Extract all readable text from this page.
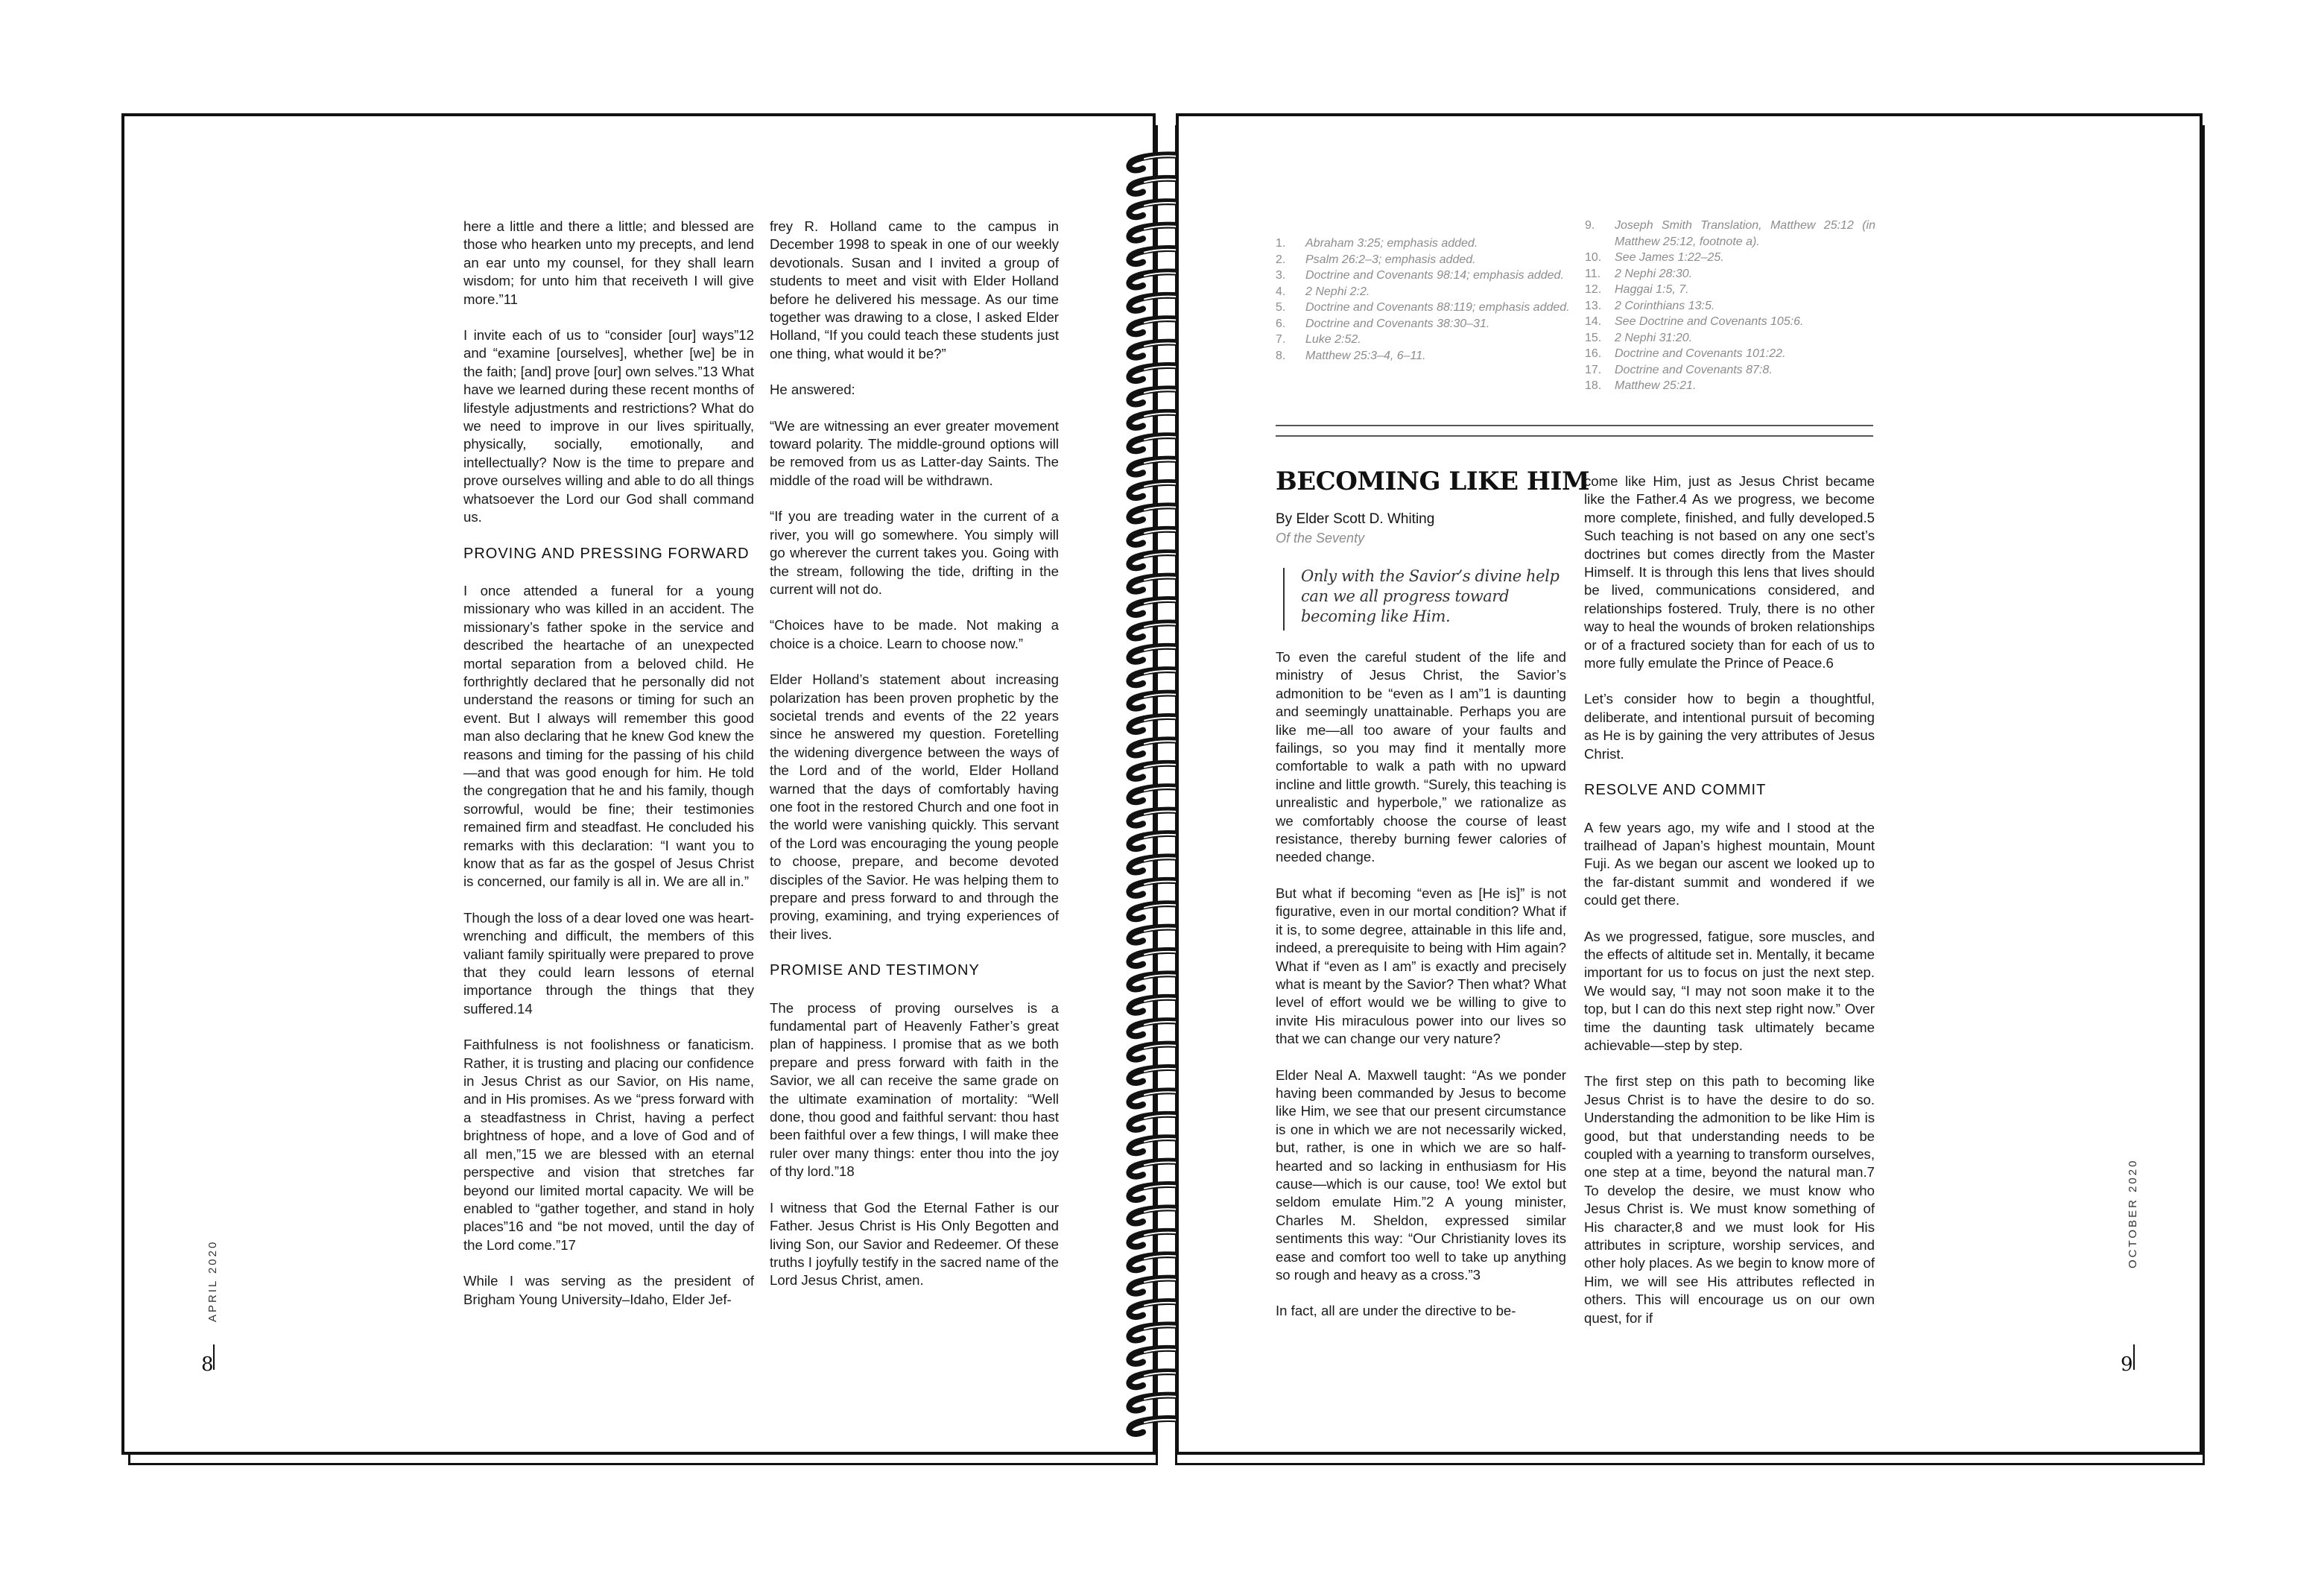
here a little and there a little; and blessed are those who hearken unto my precepts, and lend an ear unto my counsel, for they shall learn wisdom; for unto him that receiveth I will give more.”11

I invite each of us to “consider [our] ways”12 and “examine [ourselves], whether [we] be in the faith; [and] prove [our] own selves.”13 What have we learned during these recent months of lifestyle adjustments and restrictions? What do we need to improve in our lives spiritually, physically, socially, emotionally, and intellectually? Now is the time to prepare and prove ourselves willing and able to do all things whatsoever the Lord our God shall command us.

PROVING AND PRESSING FORWARD

I once attended a funeral for a young missionary who was killed in an accident. The missionary’s father spoke in the service and described the heartache of an unexpected mortal separation from a beloved child. He forthrightly declared that he personally did not understand the reasons or timing for such an event. But I always will remember this good man also declaring that he knew God knew the reasons and timing for the passing of his child—and that was good enough for him. He told the congregation that he and his family, though sorrowful, would be fine; their testimonies remained firm and steadfast. He concluded his remarks with this declaration: “I want you to know that as far as the gospel of Jesus Christ is concerned, our family is all in. We are all in.”

Though the loss of a dear loved one was heart-wrenching and difficult, the members of this valiant family spiritually were prepared to prove that they could learn lessons of eternal importance through the things that they suffered.14

Faithfulness is not foolishness or fanaticism. Rather, it is trusting and placing our confidence in Jesus Christ as our Savior, on His name, and in His promises. As we “press forward with a steadfastness in Christ, having a perfect brightness of hope, and a love of God and of all men,”15 we are blessed with an eternal perspective and vision that stretches far beyond our limited mortal capacity. We will be enabled to “gather together, and stand in holy places”16 and “be not moved, until the day of the Lord come.”17

While I was serving as the president of Brigham Young University–Idaho, Elder Jef-

frey R. Holland came to the campus in December 1998 to speak in one of our weekly devotionals. Susan and I invited a group of students to meet and visit with Elder Holland before he delivered his message. As our time together was drawing to a close, I asked Elder Holland, “If you could teach these students just one thing, what would it be?”

He answered:

“We are witnessing an ever greater movement toward polarity. The middle-ground options will be removed from us as Latter-day Saints. The middle of the road will be withdrawn.

“If you are treading water in the current of a river, you will go somewhere. You simply will go wherever the current takes you. Going with the stream, following the tide, drifting in the current will not do.

“Choices have to be made. Not making a choice is a choice. Learn to choose now.”

Elder Holland’s statement about increasing polarization has been proven prophetic by the societal trends and events of the 22 years since he answered my question. Foretelling the widening divergence between the ways of the Lord and of the world, Elder Holland warned that the days of comfortably having one foot in the restored Church and one foot in the world were vanishing quickly. This servant of the Lord was encouraging the young people to choose, prepare, and become devoted disciples of the Savior. He was helping them to prepare and press forward to and through the proving, examining, and trying experiences of their lives.

PROMISE AND TESTIMONY

The process of proving ourselves is a fundamental part of Heavenly Father’s great plan of happiness. I promise that as we both prepare and press forward with faith in the Savior, we all can receive the same grade on the ultimate examination of mortality: “Well done, thou good and faithful servant: thou hast been faithful over a few things, I will make thee ruler over many things: enter thou into the joy of thy lord.”18

I witness that God the Eternal Father is our Father. Jesus Christ is His Only Begotten and living Son, our Savior and Redeemer. Of these truths I joyfully testify in the sacred name of the Lord Jesus Christ, amen.

APRIL 2020
8
1.	Abraham 3:25; emphasis added.
2.	Psalm 26:2–3; emphasis added.
3.	Doctrine and Covenants 98:14; emphasis added.
4.	2 Nephi 2:2.
5.	Doctrine and Covenants 88:119; emphasis added.
6.	Doctrine and Covenants 38:30–31.
7.	Luke 2:52.
8.	Matthew 25:3–4, 6–11.
9.	Joseph Smith Translation, Matthew 25:12 (in Matthew 25:12, footnote a).
10.	See James 1:22–25.
11.	2 Nephi 28:30.
12.	Haggai 1:5, 7.
13.	2 Corinthians 13:5.
14.	See Doctrine and Covenants 105:6.
15.	2 Nephi 31:20.
16.	Doctrine and Covenants 101:22.
17.	Doctrine and Covenants 87:8.
18.	Matthew 25:21.
BECOMING LIKE HIM
By Elder Scott D. Whiting
Of the Seventy
Only with the Savior’s divine help can we all progress toward becoming like Him.

To even the careful student of the life and ministry of Jesus Christ, the Savior’s admonition to be “even as I am”1 is daunting and seemingly unattainable. Perhaps you are like me—all too aware of your faults and failings, so you may find it mentally more comfortable to walk a path with no upward incline and little growth. “Surely, this teaching is unrealistic and hyperbole,” we rationalize as we comfortably choose the course of least resistance, thereby burning fewer calories of needed change.

But what if becoming “even as [He is]” is not figurative, even in our mortal condition? What if it is, to some degree, attainable in this life and, indeed, a prerequisite to being with Him again? What if “even as I am” is exactly and precisely what is meant by the Savior? Then what? What level of effort would we be willing to give to invite His miraculous power into our lives so that we can change our very nature?

Elder Neal A. Maxwell taught: “As we ponder having been commanded by Jesus to become like Him, we see that our present circumstance is one in which we are not necessarily wicked, but, rather, is one in which we are so half-hearted and so lacking in enthusiasm for His cause—which is our cause, too! We extol but seldom emulate Him.”2 A young minister, Charles M. Sheldon, expressed similar sentiments this way: “Our Christianity loves its ease and comfort too well to take up anything so rough and heavy as a cross.”3

In fact, all are under the directive to be-

come like Him, just as Jesus Christ became like the Father.4 As we progress, we become more complete, finished, and fully developed.5 Such teaching is not based on any one sect’s doctrines but comes directly from the Master Himself. It is through this lens that lives should be lived, communications considered, and relationships fostered. Truly, there is no other way to heal the wounds of broken relationships or of a fractured society than for each of us to more fully emulate the Prince of Peace.6

Let’s consider how to begin a thoughtful, deliberate, and intentional pursuit of becoming as He is by gaining the very attributes of Jesus Christ.

RESOLVE AND COMMIT

A few years ago, my wife and I stood at the trailhead of Japan’s highest mountain, Mount Fuji. As we began our ascent we looked up to the far-distant summit and wondered if we could get there.

As we progressed, fatigue, sore muscles, and the effects of altitude set in. Mentally, it became important for us to focus on just the next step. We would say, “I may not soon make it to the top, but I can do this next step right now.” Over time the daunting task ultimately became achievable—step by step.

The first step on this path to becoming like Jesus Christ is to have the desire to do so. Understanding the admonition to be like Him is good, but that understanding needs to be coupled with a yearning to transform ourselves, one step at a time, beyond the natural man.7 To develop the desire, we must know who Jesus Christ is. We must know something of His character,8 and we must look for His attributes in scripture, worship services, and other holy places. As we begin to know more of Him, we will see His attributes reflected in others. This will encourage us on our own quest, for if

OCTOBER 2020
9
